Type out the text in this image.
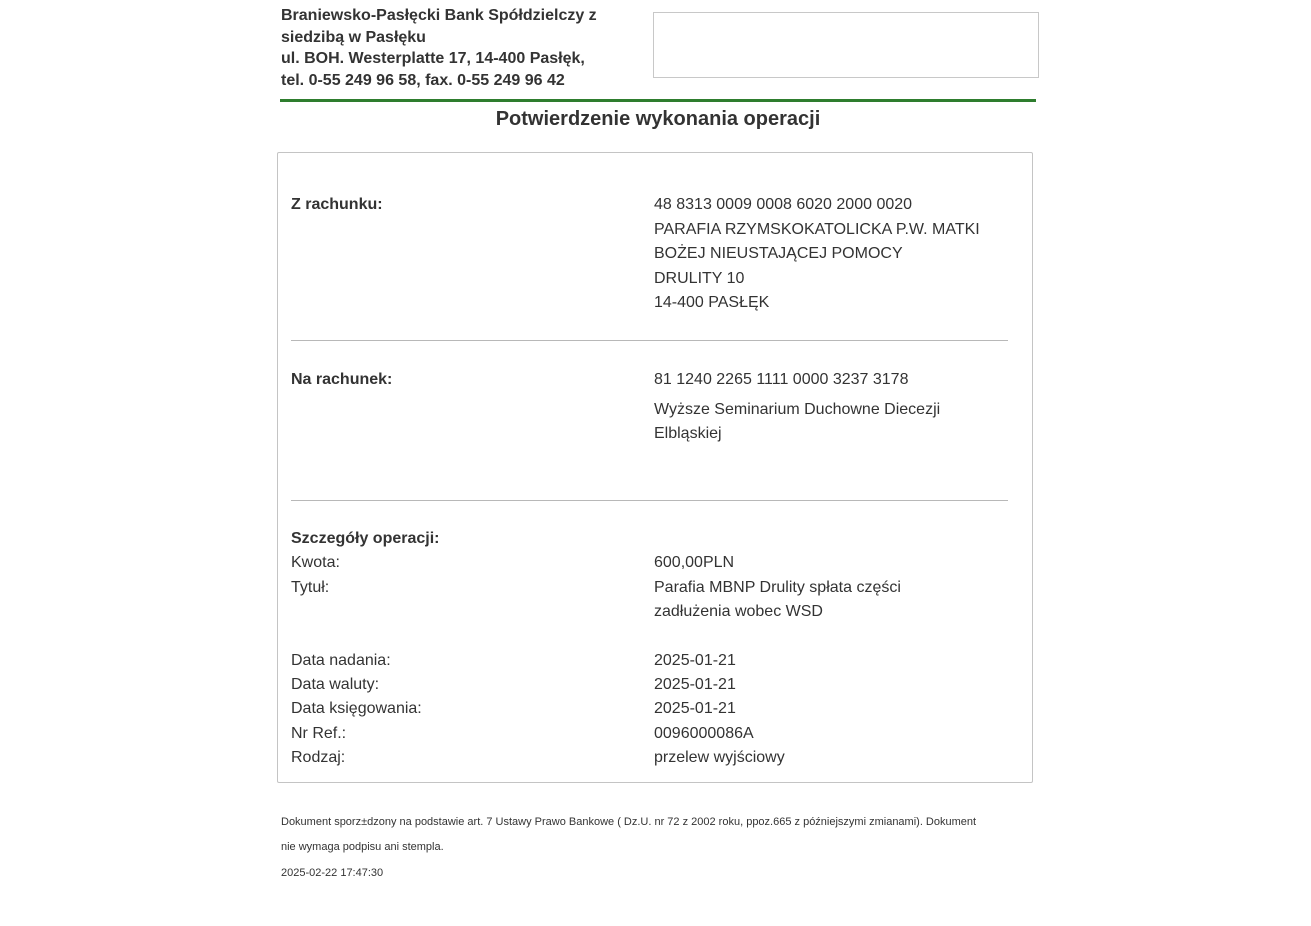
Braniewsko-Pasłęcki Bank Spółdzielczy z
siedzibą w Pasłęku
ul. BOH. Westerplatte 17, 14-400 Pasłęk,
tel. 0-55 249 96 58, fax. 0-55 249 96 42
Potwierdzenie wykonania operacji
Z rachunku:	48 8313 0009 0008 6020 2000 0020
PARAFIA RZYMSKOKATOLICKA P.W. MATKI
BOŻEJ NIEUSTAJĄCEJ POMOCY
DRULITY 10
14-400 PASŁĘK
Na rachunek:	81 1240 2265 1111 0000 3237 3178
Wyższe Seminarium Duchowne Diecezji
Elbląskiej
Szczegóły operacji:
Kwota:	600,00PLN
Tytuł:	Parafia MBNP Drulity spłata części
zadłużenia wobec WSD
Data nadania:	2025-01-21
Data waluty:	2025-01-21
Data księgowania:	2025-01-21
Nr Ref.:	0096000086A
Rodzaj:	przelew wyjściowy
Dokument sporz±dzony na podstawie art. 7 Ustawy Prawo Bankowe ( Dz.U. nr 72 z 2002 roku, ppoz.665 z późniejszymi zmianami). Dokument
nie wymaga podpisu ani stempla.
2025-02-22 17:47:30
